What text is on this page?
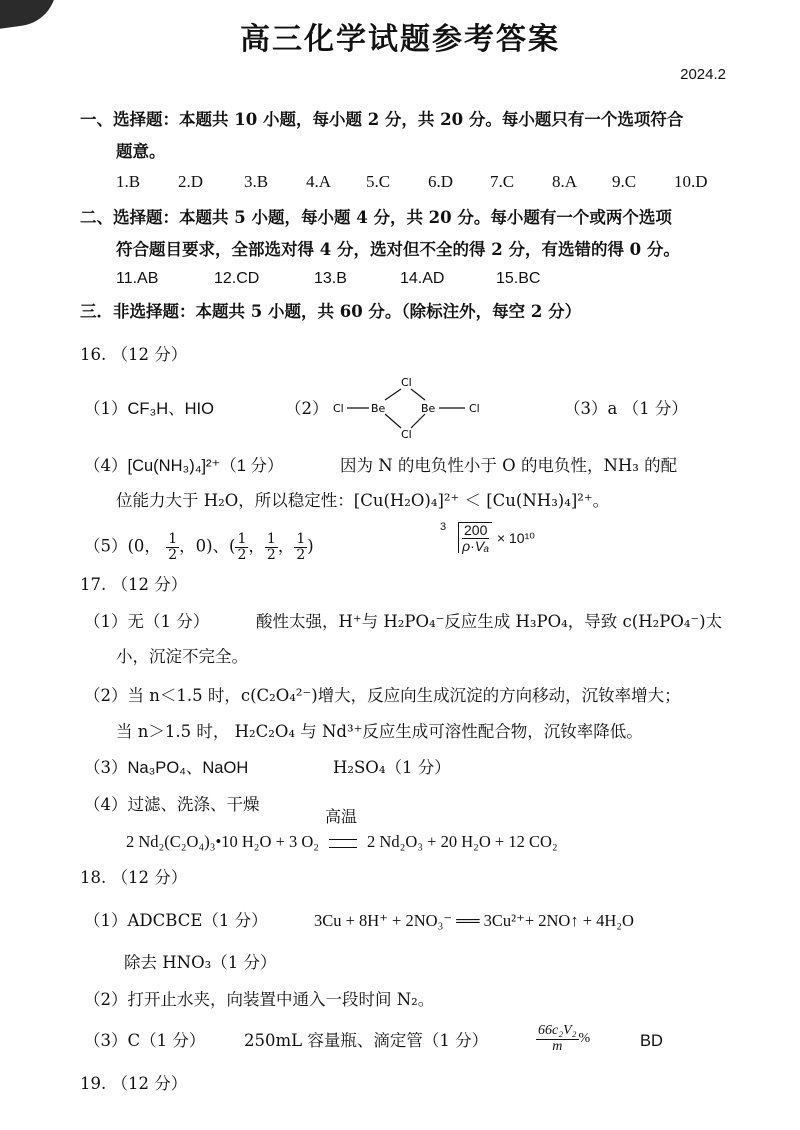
高三化学试题参考答案
2024.2
一、选择题：本题共 10 小题，每小题 2 分，共 20 分。每小题只有一个选项符合
题意。
1.B 2.D 3.B 4.A 5.C 6.D 7.C 8.A 9.C 10.D
二、选择题：本题共 5 小题，每小题 4 分，共 20 分。每小题有一个或两个选项
符合题目要求，全部选对得 4 分，选对但不全的得 2 分，有选错的得 0 分。
11.AB	12.CD	13.B	14.AD	15.BC
三．非选择题：本题共 5 小题，共 60 分。（除标注外，每空 2 分）
16. （12 分）
（1）CF₃H、HIO	（2）
Cl
Cl
Cl Be	Be	Cl	（3）a （1 分）
（4）[Cu(NH₃)₄]²⁺（1 分）	因为 N 的电负性小于 O 的电负性，NH₃ 的配
位能力大于 H₂O，所以稳定性：[Cu(H₂O)₄]²⁺ ＜ [Cu(NH₃)₄]²⁺。
（5）(0， $\frac{1}{2}$ ，0)、( $\frac{1}{2}$ ， $\frac{1}{2}$ ， $\frac{1}{2}$ )
$3 \frac{200}{\text{ρ·Vₐ}} \times 10^{10}$
17. （12 分）
（1）无（1 分）	酸性太强，H⁺与 H₂PO₄⁻反应生成 H₃PO₄，导致 c(H₂PO₄⁻)太
小，沉淀不完全。
（2）当 n＜1.5 时，c(C₂O₄²⁻)增大，反应向生成沉淀的方向移动，沉钕率增大；
当 n＞1.5 时， H₂C₂O₄ 与 Nd³⁺反应生成可溶性配合物，沉钕率降低。
（3）Na₃PO₄、NaOH	H₂SO₄（1 分）
（4）过滤、洗涤、干燥
2 Nd₂(C₂O₄)₃•10 H₂O + 3 O₂
高温
2 Nd₂O₃ + 20 H₂O + 12 CO₂
18. （12 分）
（1）ADCBCE（1 分）	3Cu + 8H⁺ + 2NO₃⁻ ══ 3Cu²⁺+ 2NO↑ + 4H₂O
除去 HNO₃（1 分）
（2）打开止水夹，向装置中通入一段时间 N₂。
（3）C（1 分） 250mL 容量瓶、滴定管（1 分）	$\frac{\text{66c₂V₂}}{m}$ %	BD
19. （12 分）
